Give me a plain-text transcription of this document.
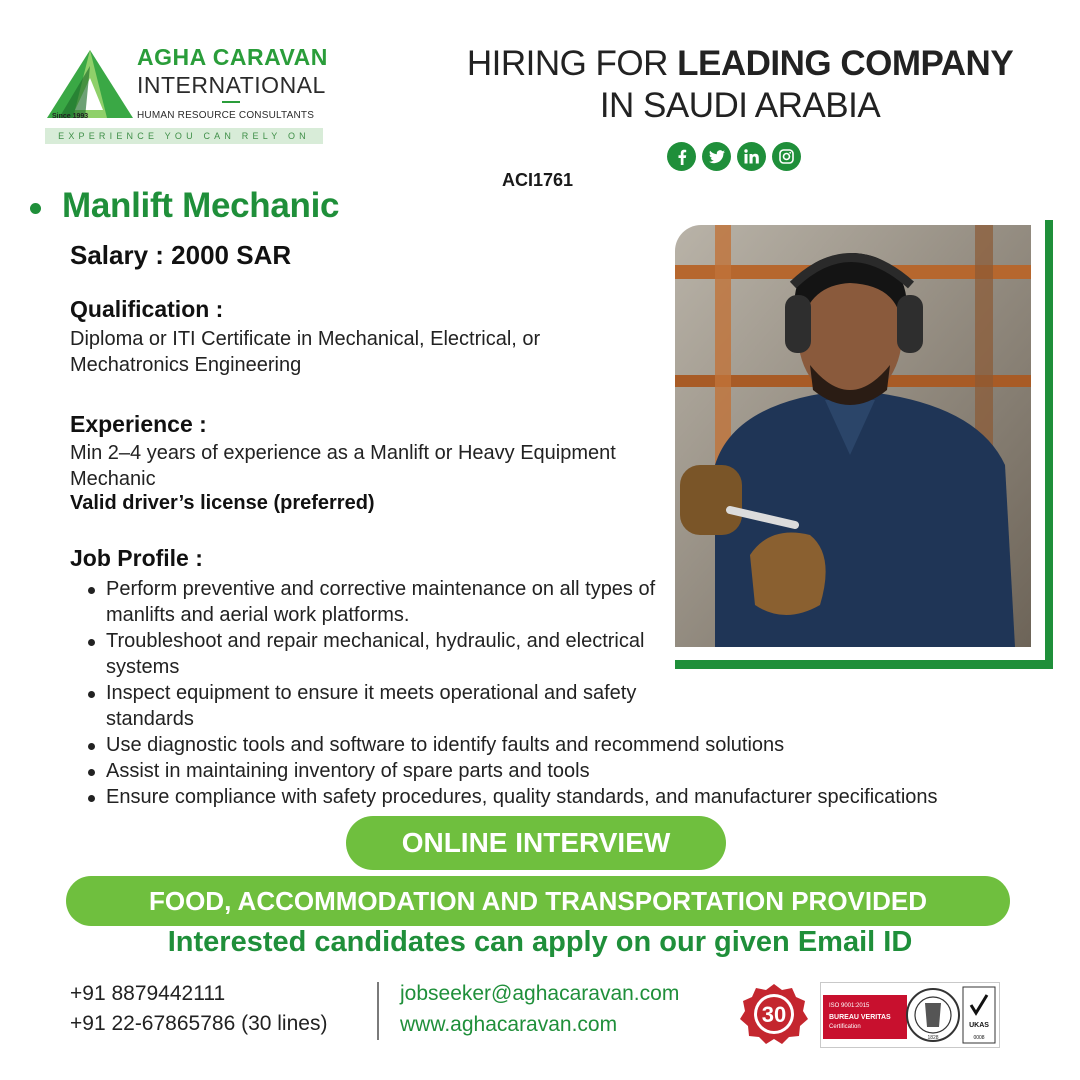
Since 1993
AGHA CARAVAN
INTERNATIONAL
HUMAN RESOURCE CONSULTANTS
EXPERIENCE YOU CAN RELY ON
HIRING FOR LEADING COMPANY
IN SAUDI ARABIA
ACI1761
Manlift Mechanic
Salary : 2000 SAR
Qualification :
Diploma or ITI Certificate in Mechanical, Electrical, or Mechatronics Engineering
Experience :
Min 2–4 years of experience as a Manlift or Heavy Equipment Mechanic
Valid driver’s license (preferred)
Job Profile :
Perform preventive and corrective maintenance on all types of manlifts and aerial work platforms.
Troubleshoot and repair mechanical, hydraulic, and electrical systems
Inspect equipment to ensure it meets operational and safety standards
Use diagnostic tools and software to identify faults and recommend solutions
Assist in maintaining inventory of spare parts and tools
Ensure compliance with safety procedures, quality standards, and manufacturer specifications
ONLINE INTERVIEW
FOOD, ACCOMMODATION AND TRANSPORTATION PROVIDED
Interested candidates can apply on our given Email ID
+91 8879442111
+91 22-67865786 (30 lines)
jobseeker@aghacaravan.com
www.aghacaravan.com	30	ISO 9001:2015
BUREAU VERITAS
Certification
1828
UKAS
0008
